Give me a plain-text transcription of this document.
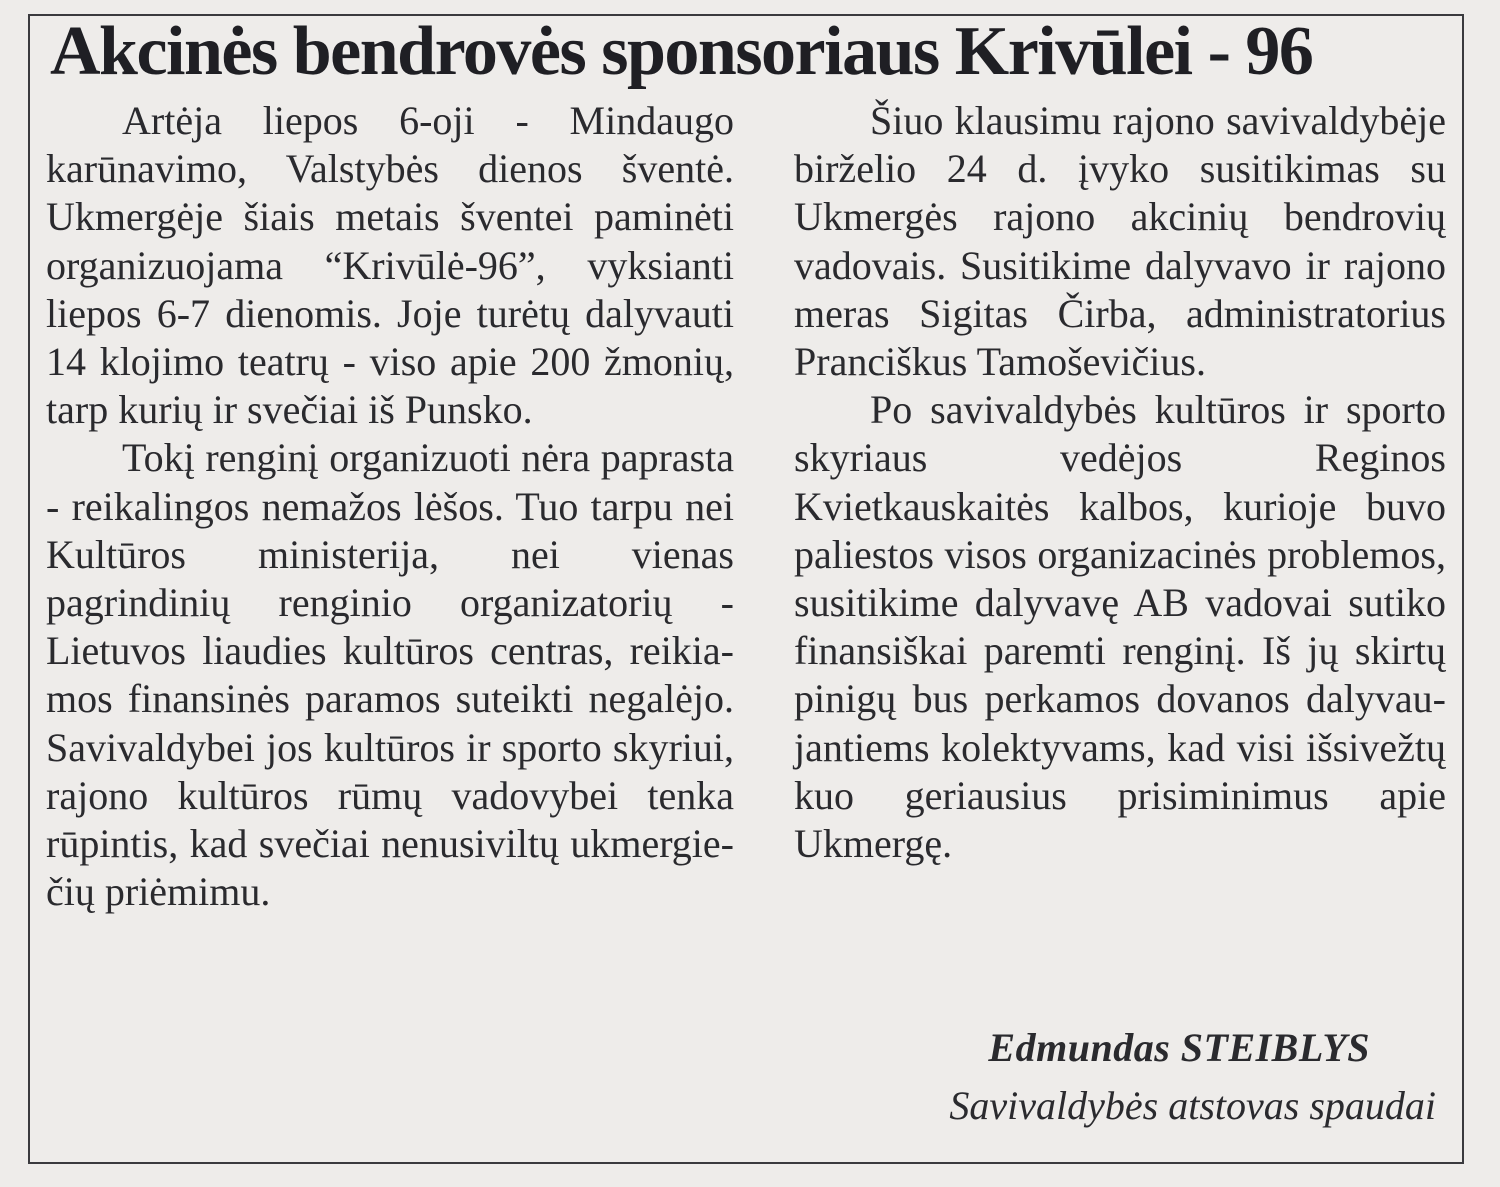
Akcinės bendrovės sponsoriaus Krivūlei - 96

Artėja liepos 6-oji - Mindaugo karūnavimo, Valstybės dienos šventė. Ukmergėje šiais metais šventei paminėti organizuojama “Krivūlė-96”, vyksianti liepos 6-7 dienomis. Joje turėtų dalyvauti 14 klojimo teatrų - viso apie 200 žmonių, tarp kurių ir svečiai iš Punsko.

Tokį renginį organizuoti nėra paprasta - reikalingos nemažos lėšos. Tuo tarpu nei Kultūros ministerija, nei vienas pagrindinių renginio organizatorių - Lietuvos liaudies kultūros centras, reikiamos finansinės paramos suteikti negalėjo. Savivaldybei jos kultūros ir sporto skyriui, rajono kultūros rūmų vadovybei tenka rūpintis, kad svečiai nenusiviltų ukmergiečių priėmimu.

Šiuo klausimu rajono savivaldybėje birželio 24 d. įvyko susitikimas su Ukmergės rajono akcinių bendrovių vadovais. Susitikime dalyvavo ir rajono meras Sigitas Čirba, administratorius Pranciškus Tamoševičius.

Po savivaldybės kultūros ir sporto skyriaus vedėjos Reginos Kvietkauskaitės kalbos, kurioje buvo paliestos visos organizacinės problemos, susitikime dalyvavę AB vadovai sutiko finansiškai paremti renginį. Iš jų skirtų pinigų bus perkamos dovanos dalyvaujantiems kolektyvams, kad visi išsivežtų kuo geriausius prisiminimus apie Ukmergę.

Edmundas STEIBLYS
Savivaldybės atstovas spaudai
